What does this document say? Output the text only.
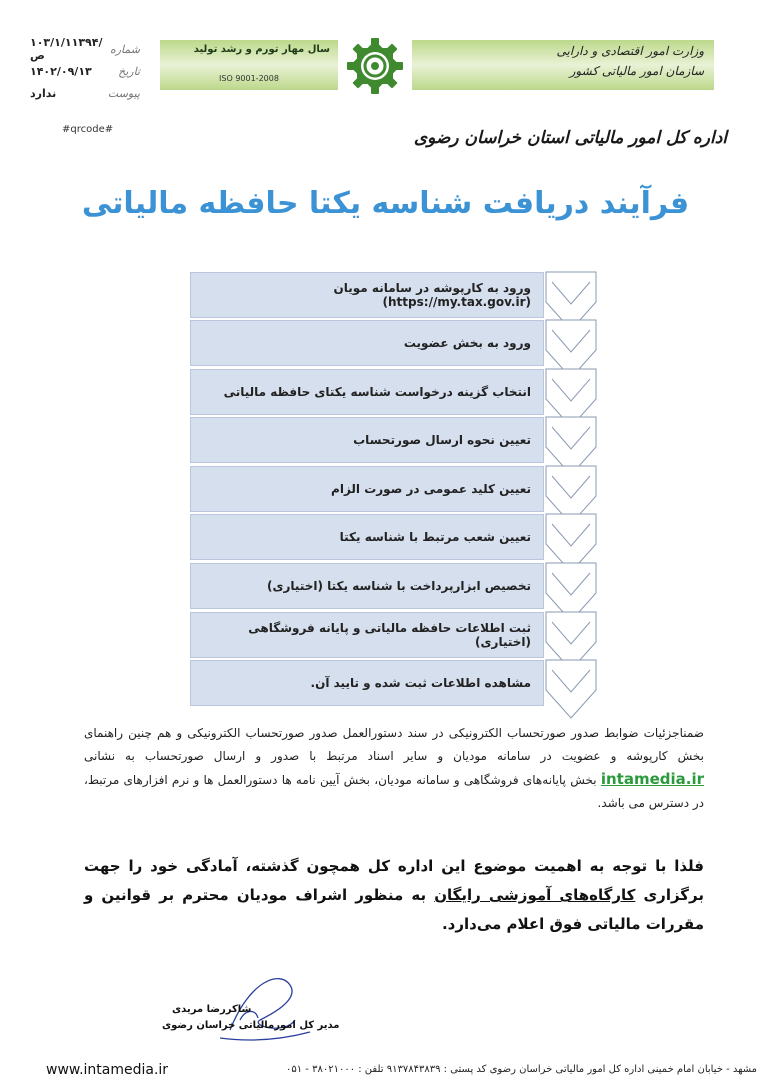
شماره
۱۰۳/۱/۱۱۳۹۴/ص
تاریخ
۱۴۰۲/۰۹/۱۳
پیوست
ندارد
#qrcode#
سال مهار تورم و رشد تولید
ISO 9001-2008
وزارت امور اقتصادی و دارایی
سازمان امور مالیاتی کشور
اداره کل امور مالیاتی استان خراسان رضوی
فرآیند دریافت شناسه یکتا حافظه مالیاتی
ورود به کارپوشه در سامانه مویان (https://my.tax.gov.ir)
ورود به بخش عضویت
انتخاب گزینه درخواست شناسه یکتای حافظه مالیاتی
تعیین نحوه ارسال صورتحساب
تعیین کلید عمومی در صورت الزام
تعیین شعب مرتبط با شناسه یکتا
تخصیص ابزارپرداخت با شناسه یکتا (اختیاری)
ثبت اطلاعات حافظه مالیاتی و پایانه فروشگاهی (اختیاری)
مشاهده اطلاعات ثبت شده و تایید آن.

ضمناجزئیات ضوابط صدور صورتحساب الکترونیکی در سند دستورالعمل صدور صورتحساب الکترونیکی و هم چنین راهنمای بخش کارپوشه و عضویت در سامانه مودیان و سایر اسناد مرتبط با صدور و ارسال صورتحساب به نشانی intamedia.ir بخش پایانه‌های فروشگاهی و سامانه مودیان، بخش آیین نامه ها دستورالعمل ها و نرم افزارهای مرتبط، در دسترس می باشد.

فلذا با توجه به اهمیت موضوع این اداره کل همچون گذشته، آمادگی خود را جهت برگزاری کارگاه‌های آموزشی رایگان به منظور اشراف مودیان محترم بر قوانین و مقررات مالیاتی فوق اعلام می‌دارد.

شاکررضا مریدی
مدیر کل امورمالیاتی خراسان رضوی
www.intamedia.ir	مشهد - خیابان امام خمینی اداره کل امور مالیاتی خراسان رضوی کد پستی : ۹۱۳۷۸۴۳۸۳۹ تلفن : ۳۸۰۲۱۰۰۰ - ۰۵۱
